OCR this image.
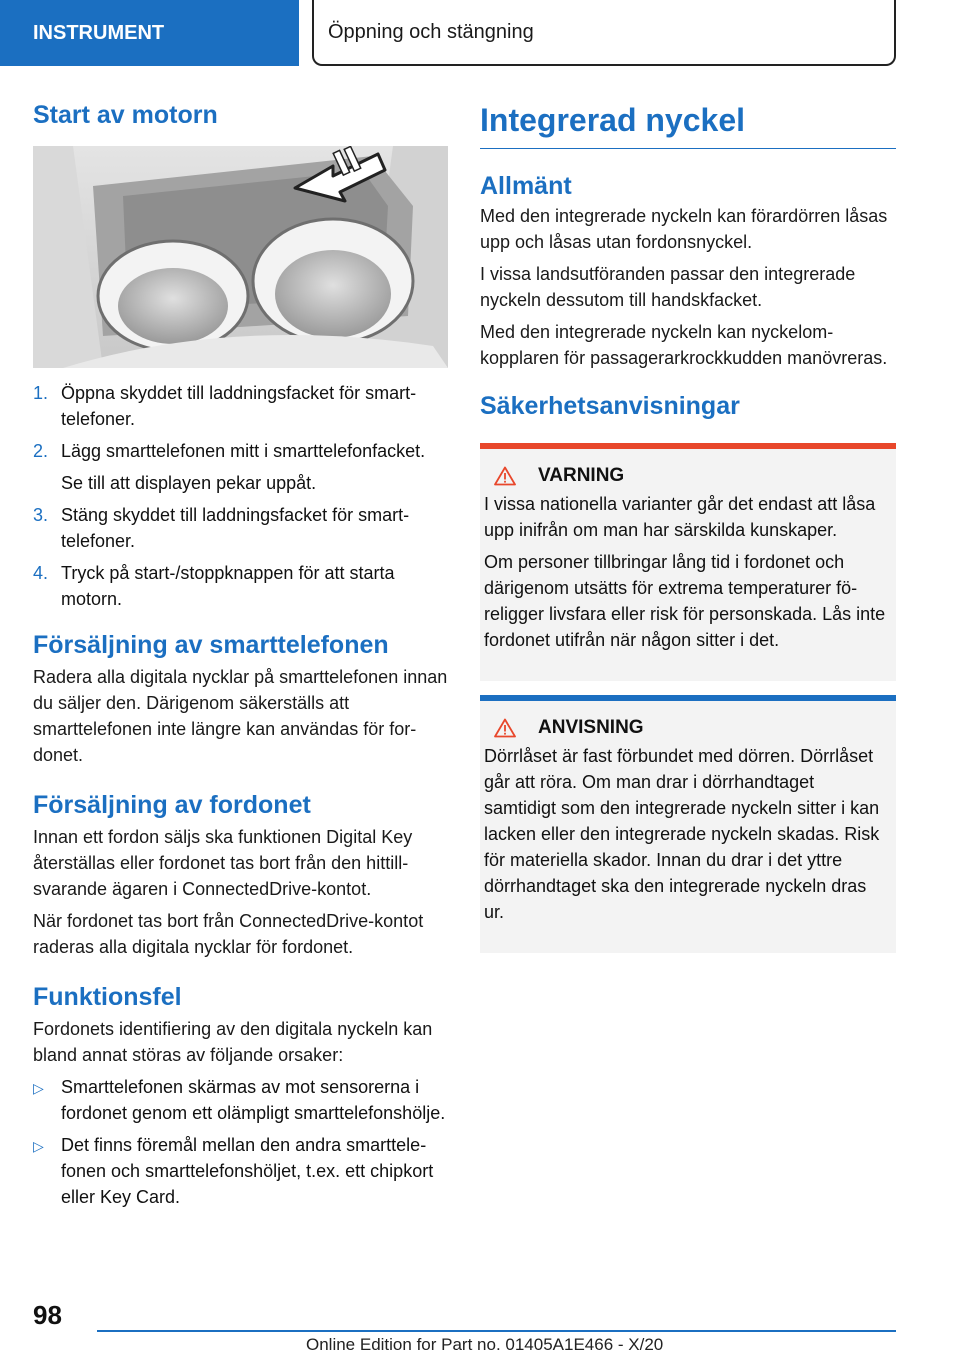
INSTRUMENT	Öppning och stängning
Start av motorn
1. Öppna skyddet till laddningsfacket för smarttelefoner.
2. Lägg smarttelefonen mitt i smarttelefonfacket.

Se till att displayen pekar uppåt.

3. Stäng skyddet till laddningsfacket för smarttelefoner.
4. Tryck på start-/stoppknappen för att starta motorn.
Försäljning av smarttelefonen

Radera alla digitala nycklar på smarttelefonen innan du säljer den. Därigenom säkerställs att smarttelefonen inte längre kan användas för fordonet.

Försäljning av fordonet

Innan ett fordon säljs ska funktionen Digital Key återställas eller fordonet tas bort från den hittillsvarande ägaren i ConnectedDrive-kontot.

När fordonet tas bort från ConnectedDrive-kontot raderas alla digitala nycklar för fordonet.

Funktionsfel

Fordonets identifiering av den digitala nyckeln kan bland annat störas av följande orsaker:

▷ Smarttelefonen skärmas av mot sensorerna i fordonet genom ett olämpligt smarttelefonshölje.
▷ Det finns föremål mellan den andra smarttelefonen och smarttelefonshöljet, t.ex. ett chipkort eller Key Card.
Integrerad nyckel
Allmänt

Med den integrerade nyckeln kan förardörren låsas upp och låsas utan fordonsnyckel.

I vissa landsutföranden passar den integrerade nyckeln dessutom till handskfacket.

Med den integrerade nyckeln kan nyckelomkopplaren för passagerarkrockkudden manövreras.

Säkerhetsanvisningar
VARNING

I vissa nationella varianter går det endast att låsa upp inifrån om man har särskilda kunskaper.

Om personer tillbringar lång tid i fordonet och därigenom utsätts för extrema temperaturer föreligger livsfara eller risk för personskada. Lås inte fordonet utifrån när någon sitter i det.

ANVISNING

Dörrlåset är fast förbundet med dörren. Dörrlåset går att röra. Om man drar i dörrhandtaget samtidigt som den integrerade nyckeln sitter i kan lacken eller den integrerade nyckeln skadas. Risk för materiella skador. Innan du drar i det yttre dörrhandtaget ska den integrerade nyckeln dras ur.

98
Online Edition for Part no. 01405A1E466 - X/20
